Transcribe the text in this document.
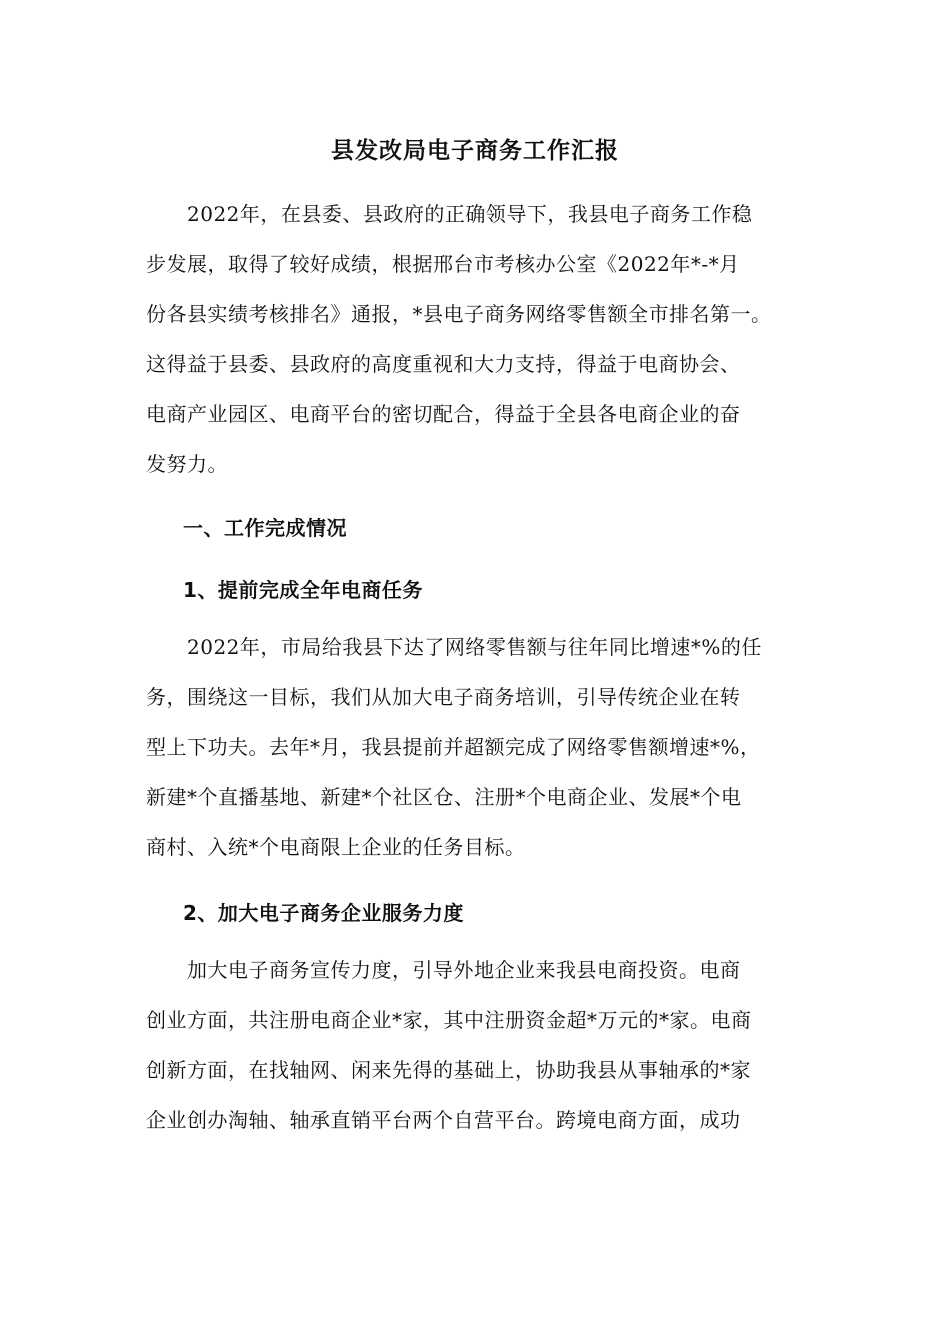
县发改局电子商务工作汇报
　　2022年，在县委、县政府的正确领导下，我县电子商务工作稳
步发展，取得了较好成绩，根据邢台市考核办公室《2022年*-*月
份各县实绩考核排名》通报，*县电子商务网络零售额全市排名第一。
这得益于县委、县政府的高度重视和大力支持，得益于电商协会、
电商产业园区、电商平台的密切配合，得益于全县各电商企业的奋
发努力。
一、工作完成情况
1、提前完成全年电商任务
　　2022年，市局给我县下达了网络零售额与往年同比增速*%的任
务，围绕这一目标，我们从加大电子商务培训，引导传统企业在转
型上下功夫。去年*月，我县提前并超额完成了网络零售额增速*%，
新建*个直播基地、新建*个社区仓、注册*个电商企业、发展*个电
商村、入统*个电商限上企业的任务目标。
2、加大电子商务企业服务力度
　　加大电子商务宣传力度，引导外地企业来我县电商投资。电商
创业方面，共注册电商企业*家，其中注册资金超*万元的*家。电商
创新方面，在找轴网、闲来先得的基础上，协助我县从事轴承的*家
企业创办淘轴、轴承直销平台两个自营平台。跨境电商方面，成功
